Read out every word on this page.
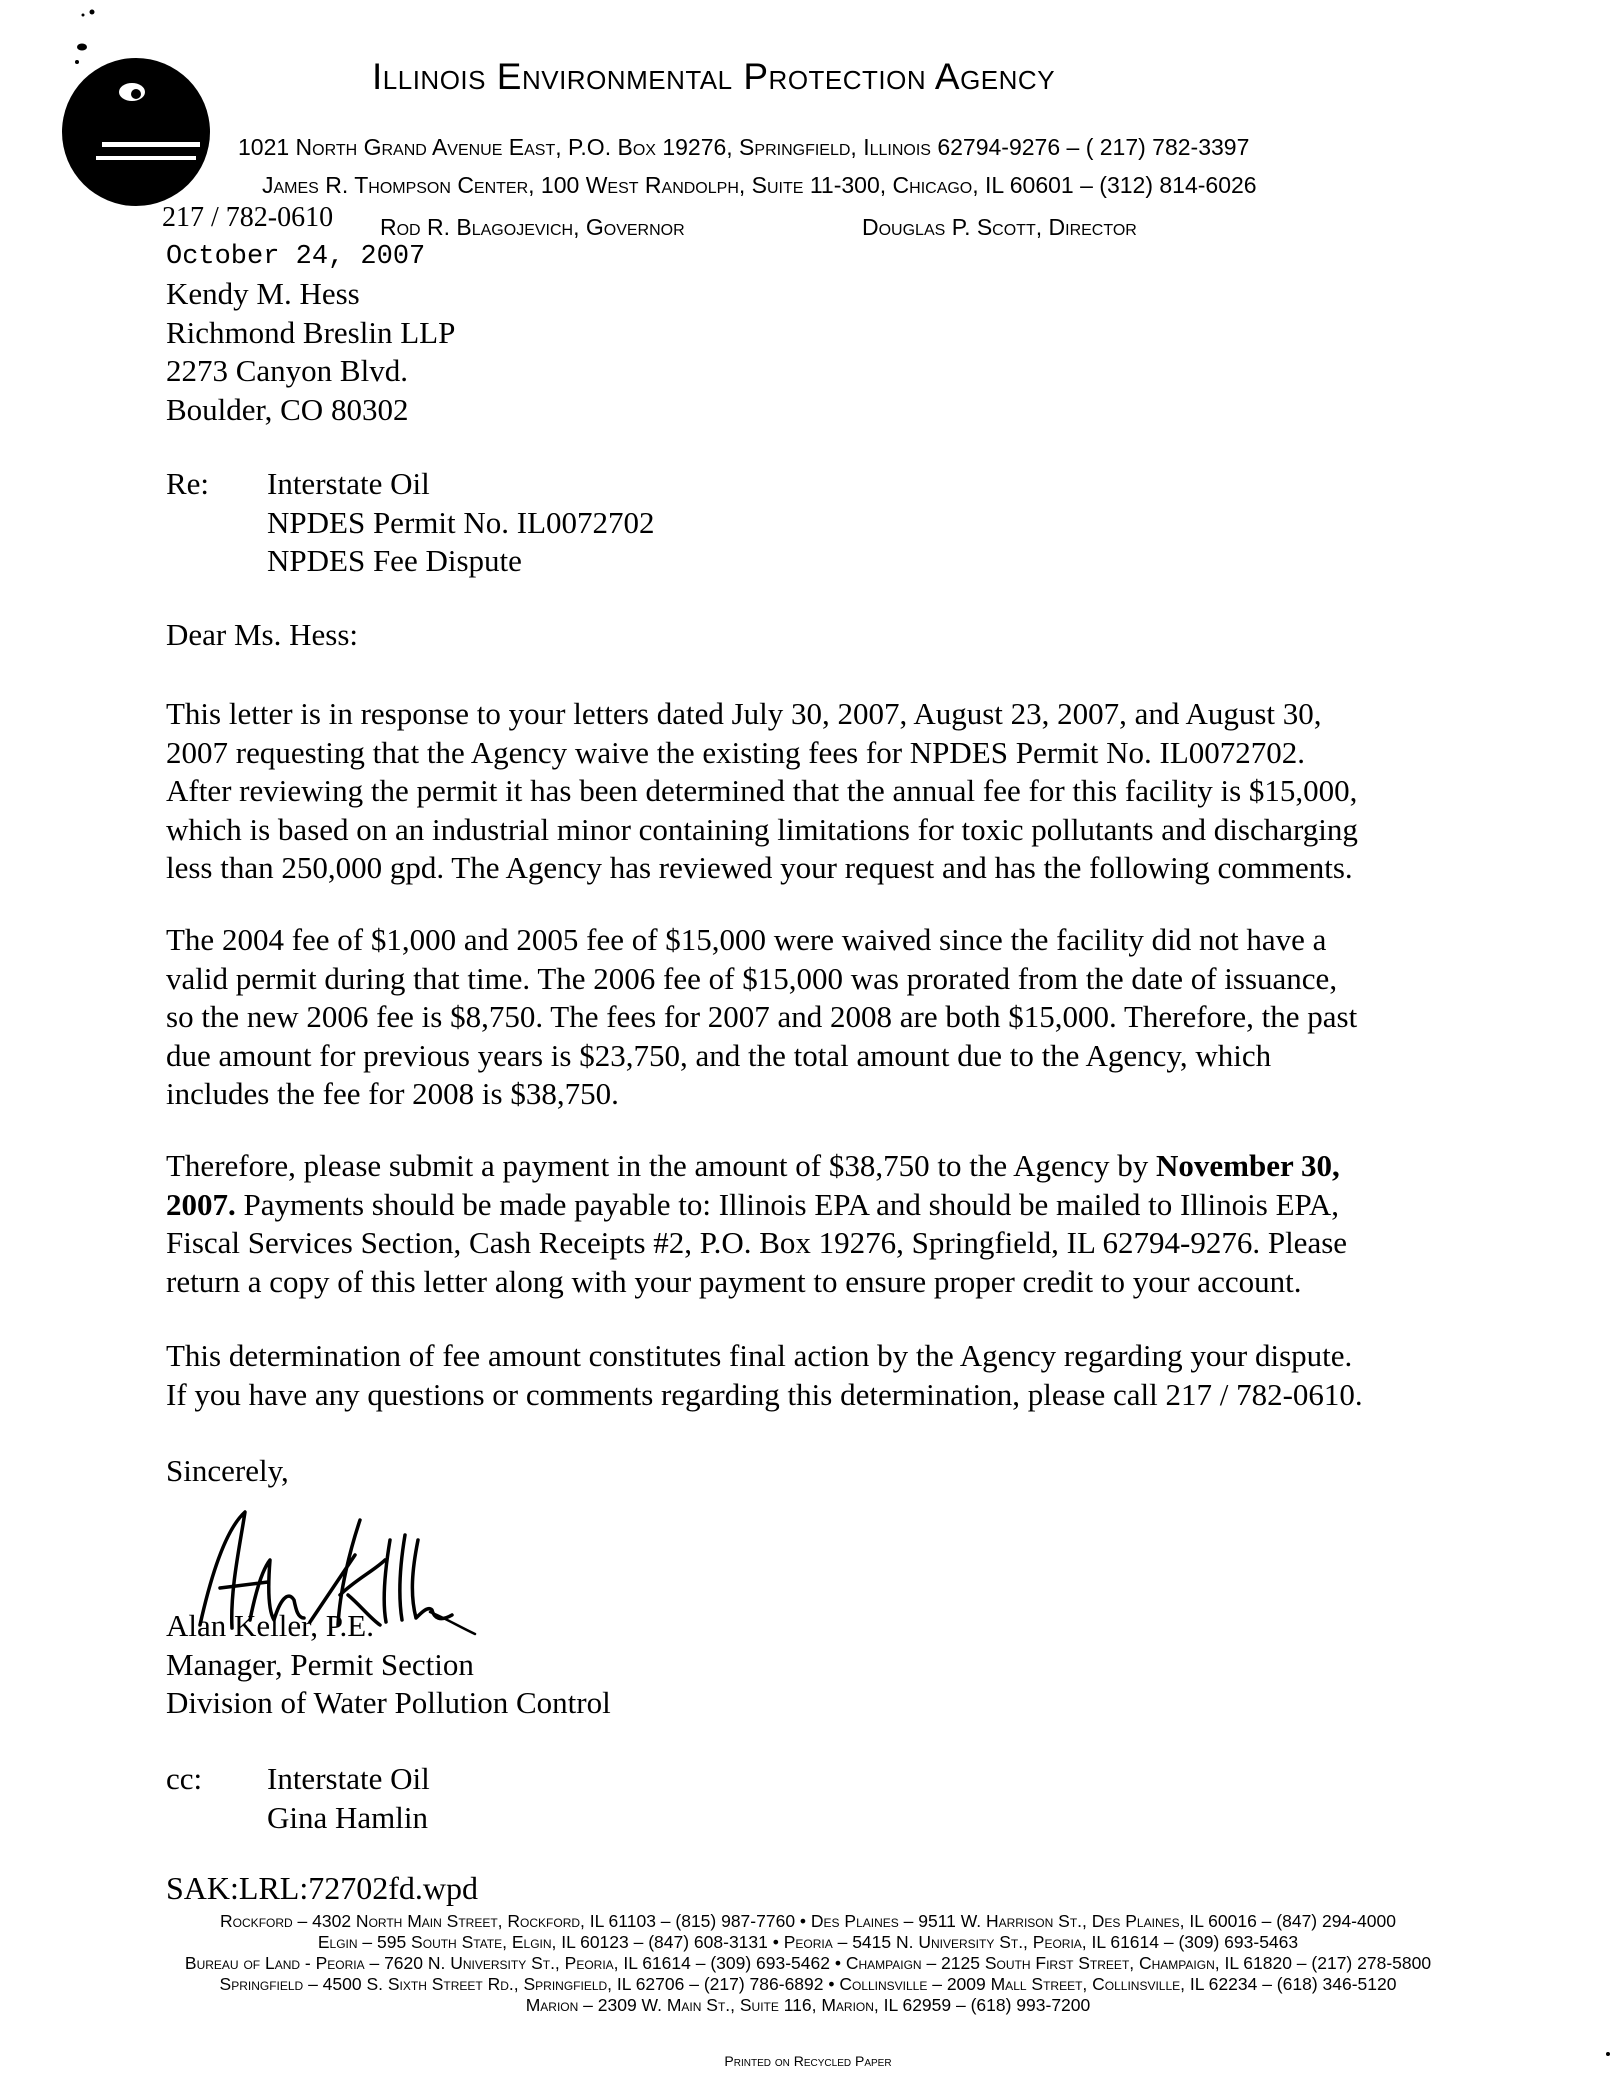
Illinois Environmental Protection Agency
1021 North Grand Avenue East, P.O. Box 19276, Springfield, Illinois 62794-9276 – ( 217) 782-3397
James R. Thompson Center, 100 West Randolph, Suite 11-300, Chicago, IL 60601 – (312) 814-6026
217 / 782-0610 Rod R. Blagojevich, Governor	Douglas P. Scott, Director
October 24, 2007
Kendy M. Hess
Richmond Breslin LLP
2273 Canyon Blvd.
Boulder, CO 80302
Re: Interstate Oil
NPDES Permit No. IL0072702
NPDES Fee Dispute
Dear Ms. Hess:
This letter is in response to your letters dated July 30, 2007, August 23, 2007, and August 30,
2007 requesting that the Agency waive the existing fees for NPDES Permit No. IL0072702.
After reviewing the permit it has been determined that the annual fee for this facility is $15,000,
which is based on an industrial minor containing limitations for toxic pollutants and discharging
less than 250,000 gpd. The Agency has reviewed your request and has the following comments.
The 2004 fee of $1,000 and 2005 fee of $15,000 were waived since the facility did not have a
valid permit during that time. The 2006 fee of $15,000 was prorated from the date of issuance,
so the new 2006 fee is $8,750. The fees for 2007 and 2008 are both $15,000. Therefore, the past
due amount for previous years is $23,750, and the total amount due to the Agency, which
includes the fee for 2008 is $38,750.
Therefore, please submit a payment in the amount of $38,750 to the Agency by November 30,
2007. Payments should be made payable to: Illinois EPA and should be mailed to Illinois EPA,
Fiscal Services Section, Cash Receipts #2, P.O. Box 19276, Springfield, IL 62794-9276. Please
return a copy of this letter along with your payment to ensure proper credit to your account.
This determination of fee amount constitutes final action by the Agency regarding your dispute.
If you have any questions or comments regarding this determination, please call 217 / 782-0610.
Sincerely,
Alan Keller, P.E.
Manager, Permit Section
Division of Water Pollution Control
cc: Interstate Oil
Gina Hamlin
SAK:LRL:72702fd.wpd
Rockford – 4302 North Main Street, Rockford, IL 61103 – (815) 987-7760 • Des Plaines – 9511 W. Harrison St., Des Plaines, IL 60016 – (847) 294-4000
Elgin – 595 South State, Elgin, IL 60123 – (847) 608-3131 • Peoria – 5415 N. University St., Peoria, IL 61614 – (309) 693-5463
Bureau of Land - Peoria – 7620 N. University St., Peoria, IL 61614 – (309) 693-5462 • Champaign – 2125 South First Street, Champaign, IL 61820 – (217) 278-5800
Springfield – 4500 S. Sixth Street Rd., Springfield, IL 62706 – (217) 786-6892 • Collinsville – 2009 Mall Street, Collinsville, IL 62234 – (618) 346-5120
Marion – 2309 W. Main St., Suite 116, Marion, IL 62959 – (618) 993-7200
Printed on Recycled Paper
